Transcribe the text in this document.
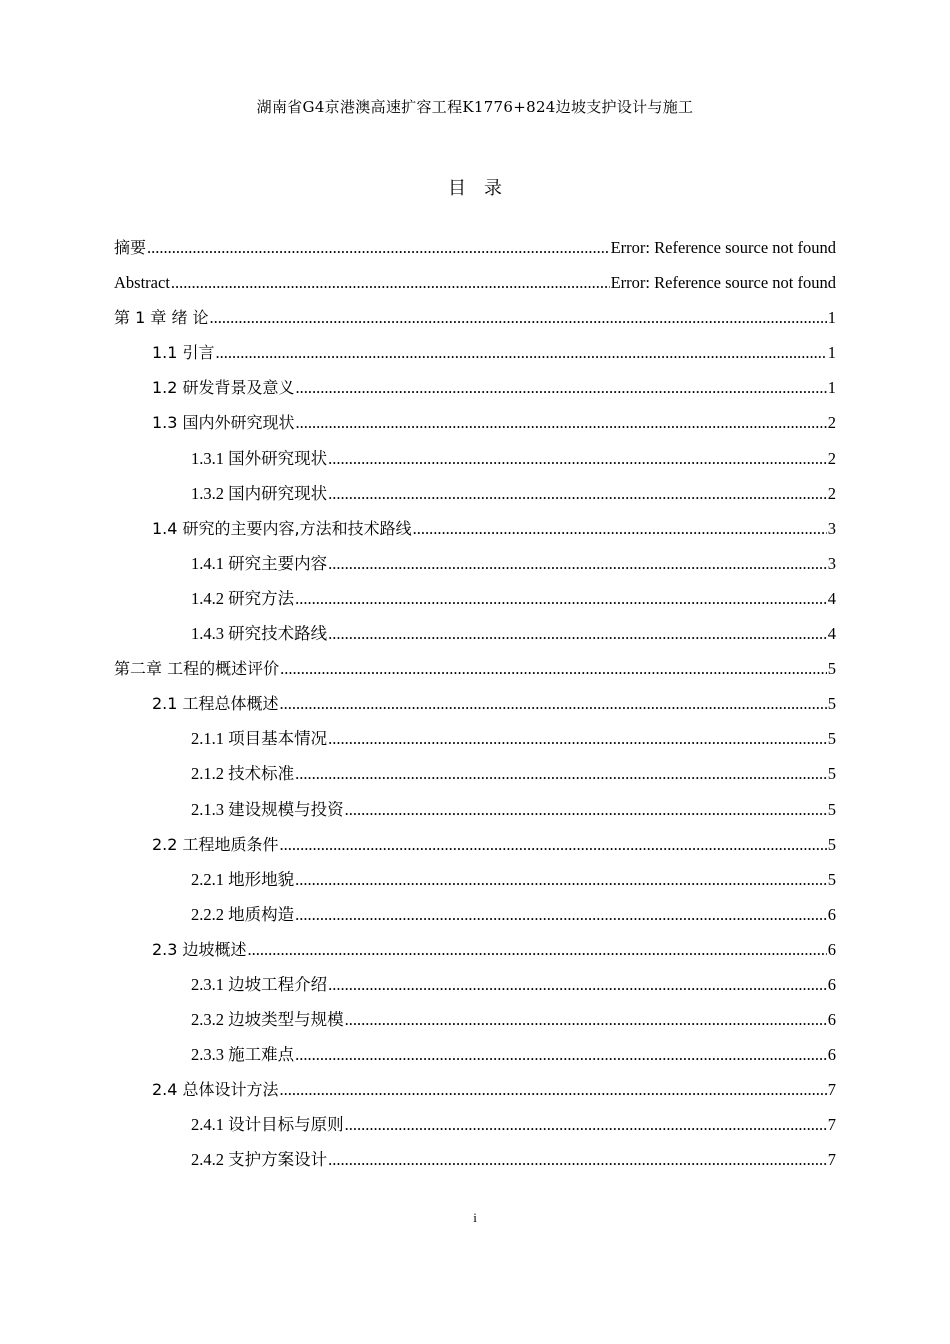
湖南省G4京港澳高速扩容工程K1776+824边坡支护设计与施工
目　录
摘要 .....	Error: Reference source not found
Abstract .....	Error: Reference source not found
第 1 章 绪 论 .....	1
1.1 引言 .....	1
1.2 研发背景及意义 .....	1
1.3 国内外研究现状 .....	2
1.3.1 国外研究现状 .....	2
1.3.2 国内研究现状 .....	2
1.4 研究的主要内容,方法和技术路线 .....	3
1.4.1 研究主要内容 .....	3
1.4.2 研究方法 .....	4
1.4.3 研究技术路线 .....	4
第二章 工程的概述评价 .....	5
2.1 工程总体概述 .....	5
2.1.1 项目基本情况 .....	5
2.1.2 技术标准 .....	5
2.1.3 建设规模与投资 .....	5
2.2 工程地质条件 .....	5
2.2.1 地形地貌 .....	5
2.2.2 地质构造 .....	6
2.3 边坡概述 .....	6
2.3.1 边坡工程介绍 .....	6
2.3.2 边坡类型与规模 .....	6
2.3.3 施工难点 .....	6
2.4 总体设计方法 .....	7
2.4.1 设计目标与原则 .....	7
2.4.2 支护方案设计 .....	7
i
